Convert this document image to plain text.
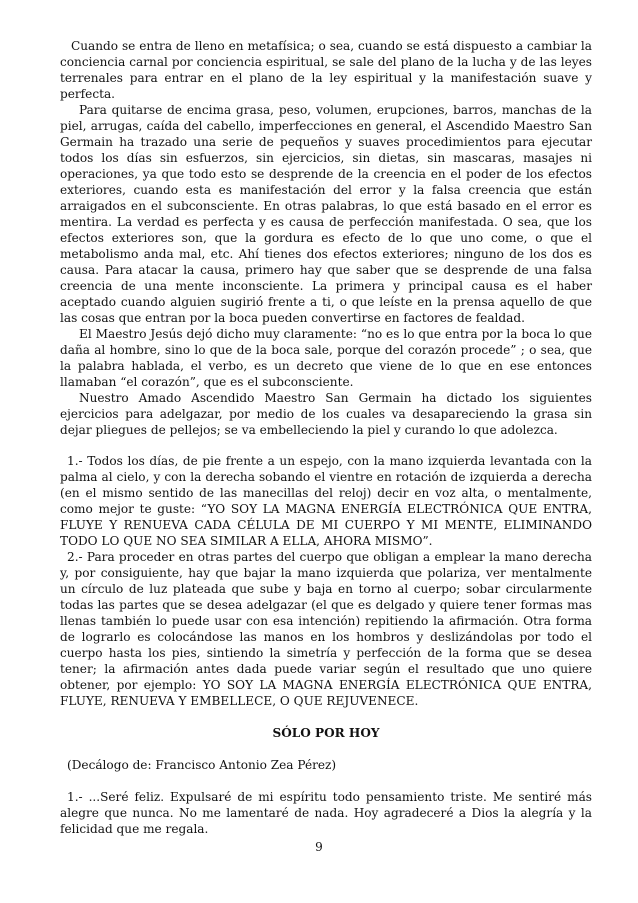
Cuando se entra de lleno en metafísica; o sea, cuando se está dispuesto a cambiar la conciencia carnal por conciencia espiritual, se sale del plano de la lucha y de las leyes terrenales para entrar en el plano de la ley espiritual y la manifestación suave y perfecta.

Para quitarse de encima grasa, peso, volumen, erupciones, barros, manchas de la piel, arrugas, caída del cabello, imperfecciones en general, el Ascendido Maestro San Germain ha trazado una serie de pequeños y suaves procedimientos para ejecutar todos los días sin esfuerzos, sin ejercicios, sin dietas, sin mascaras, masajes ni operaciones, ya que todo esto se desprende de la creencia en el poder de los efectos exteriores, cuando esta es manifestación del error y la falsa creencia que están arraigados en el subconsciente. En otras palabras, lo que está basado en el error es mentira. La verdad es perfecta y es causa de perfección manifestada. O sea, que los efectos exteriores son, que la gordura es efecto de lo que uno come, o que el metabolismo anda mal, etc. Ahí tienes dos efectos exteriores; ninguno de los dos es causa. Para atacar la causa, primero hay que saber que se desprende de una falsa creencia de una mente inconsciente. La primera y principal causa es el haber aceptado cuando alguien sugirió frente a ti, o que leíste en la prensa aquello de que las cosas que entran por la boca pueden convertirse en factores de fealdad.

El Maestro Jesús dejó dicho muy claramente: “no es lo que entra por la boca lo que daña al hombre, sino lo que de la boca sale, porque del corazón procede” ; o sea, que la palabra hablada, el verbo, es un decreto que viene de lo que en ese entonces llamaban “el corazón”, que es el subconsciente.

Nuestro Amado Ascendido Maestro San Germain ha dictado los siguientes ejercicios para adelgazar, por medio de los cuales va desapareciendo la grasa sin dejar pliegues de pellejos; se va embelleciendo la piel y curando lo que adolezca.

1.- Todos los días, de pie frente a un espejo, con la mano izquierda levantada con la palma al cielo, y con la derecha sobando el vientre en rotación de izquierda a derecha (en el mismo sentido de las manecillas del reloj) decir en voz alta, o mentalmente, como mejor te guste: “YO SOY LA MAGNA ENERGÍA ELECTRÓNICA QUE ENTRA, FLUYE Y RENUEVA CADA CÉLULA DE MI CUERPO Y MI MENTE, ELIMINANDO TODO LO QUE NO SEA SIMILAR A ELLA, AHORA MISMO”.

2.- Para proceder en otras partes del cuerpo que obligan a emplear la mano derecha y, por consiguiente, hay que bajar la mano izquierda que polariza, ver mentalmente un círculo de luz plateada que sube y baja en torno al cuerpo; sobar circularmente todas las partes que se desea adelgazar (el que es delgado y quiere tener formas mas llenas también lo puede usar con esa intención) repitiendo la afirmación. Otra forma de lograrlo es colocándose las manos en los hombros y deslizándolas por todo el cuerpo hasta los pies, sintiendo la simetría y perfección de la forma que se desea tener; la afirmación antes dada puede variar según el resultado que uno quiere obtener, por ejemplo: YO SOY LA MAGNA ENERGÍA ELECTRÓNICA QUE ENTRA, FLUYE, RENUEVA Y EMBELLECE, O QUE REJUVENECE.

SÓLO POR HOY

(Decálogo de: Francisco Antonio Zea Pérez)

1.- ...Seré feliz. Expulsaré de mi espíritu todo pensamiento triste. Me sentiré más alegre que nunca. No me lamentaré de nada. Hoy agradeceré a Dios la alegría y la felicidad que me regala.

9
